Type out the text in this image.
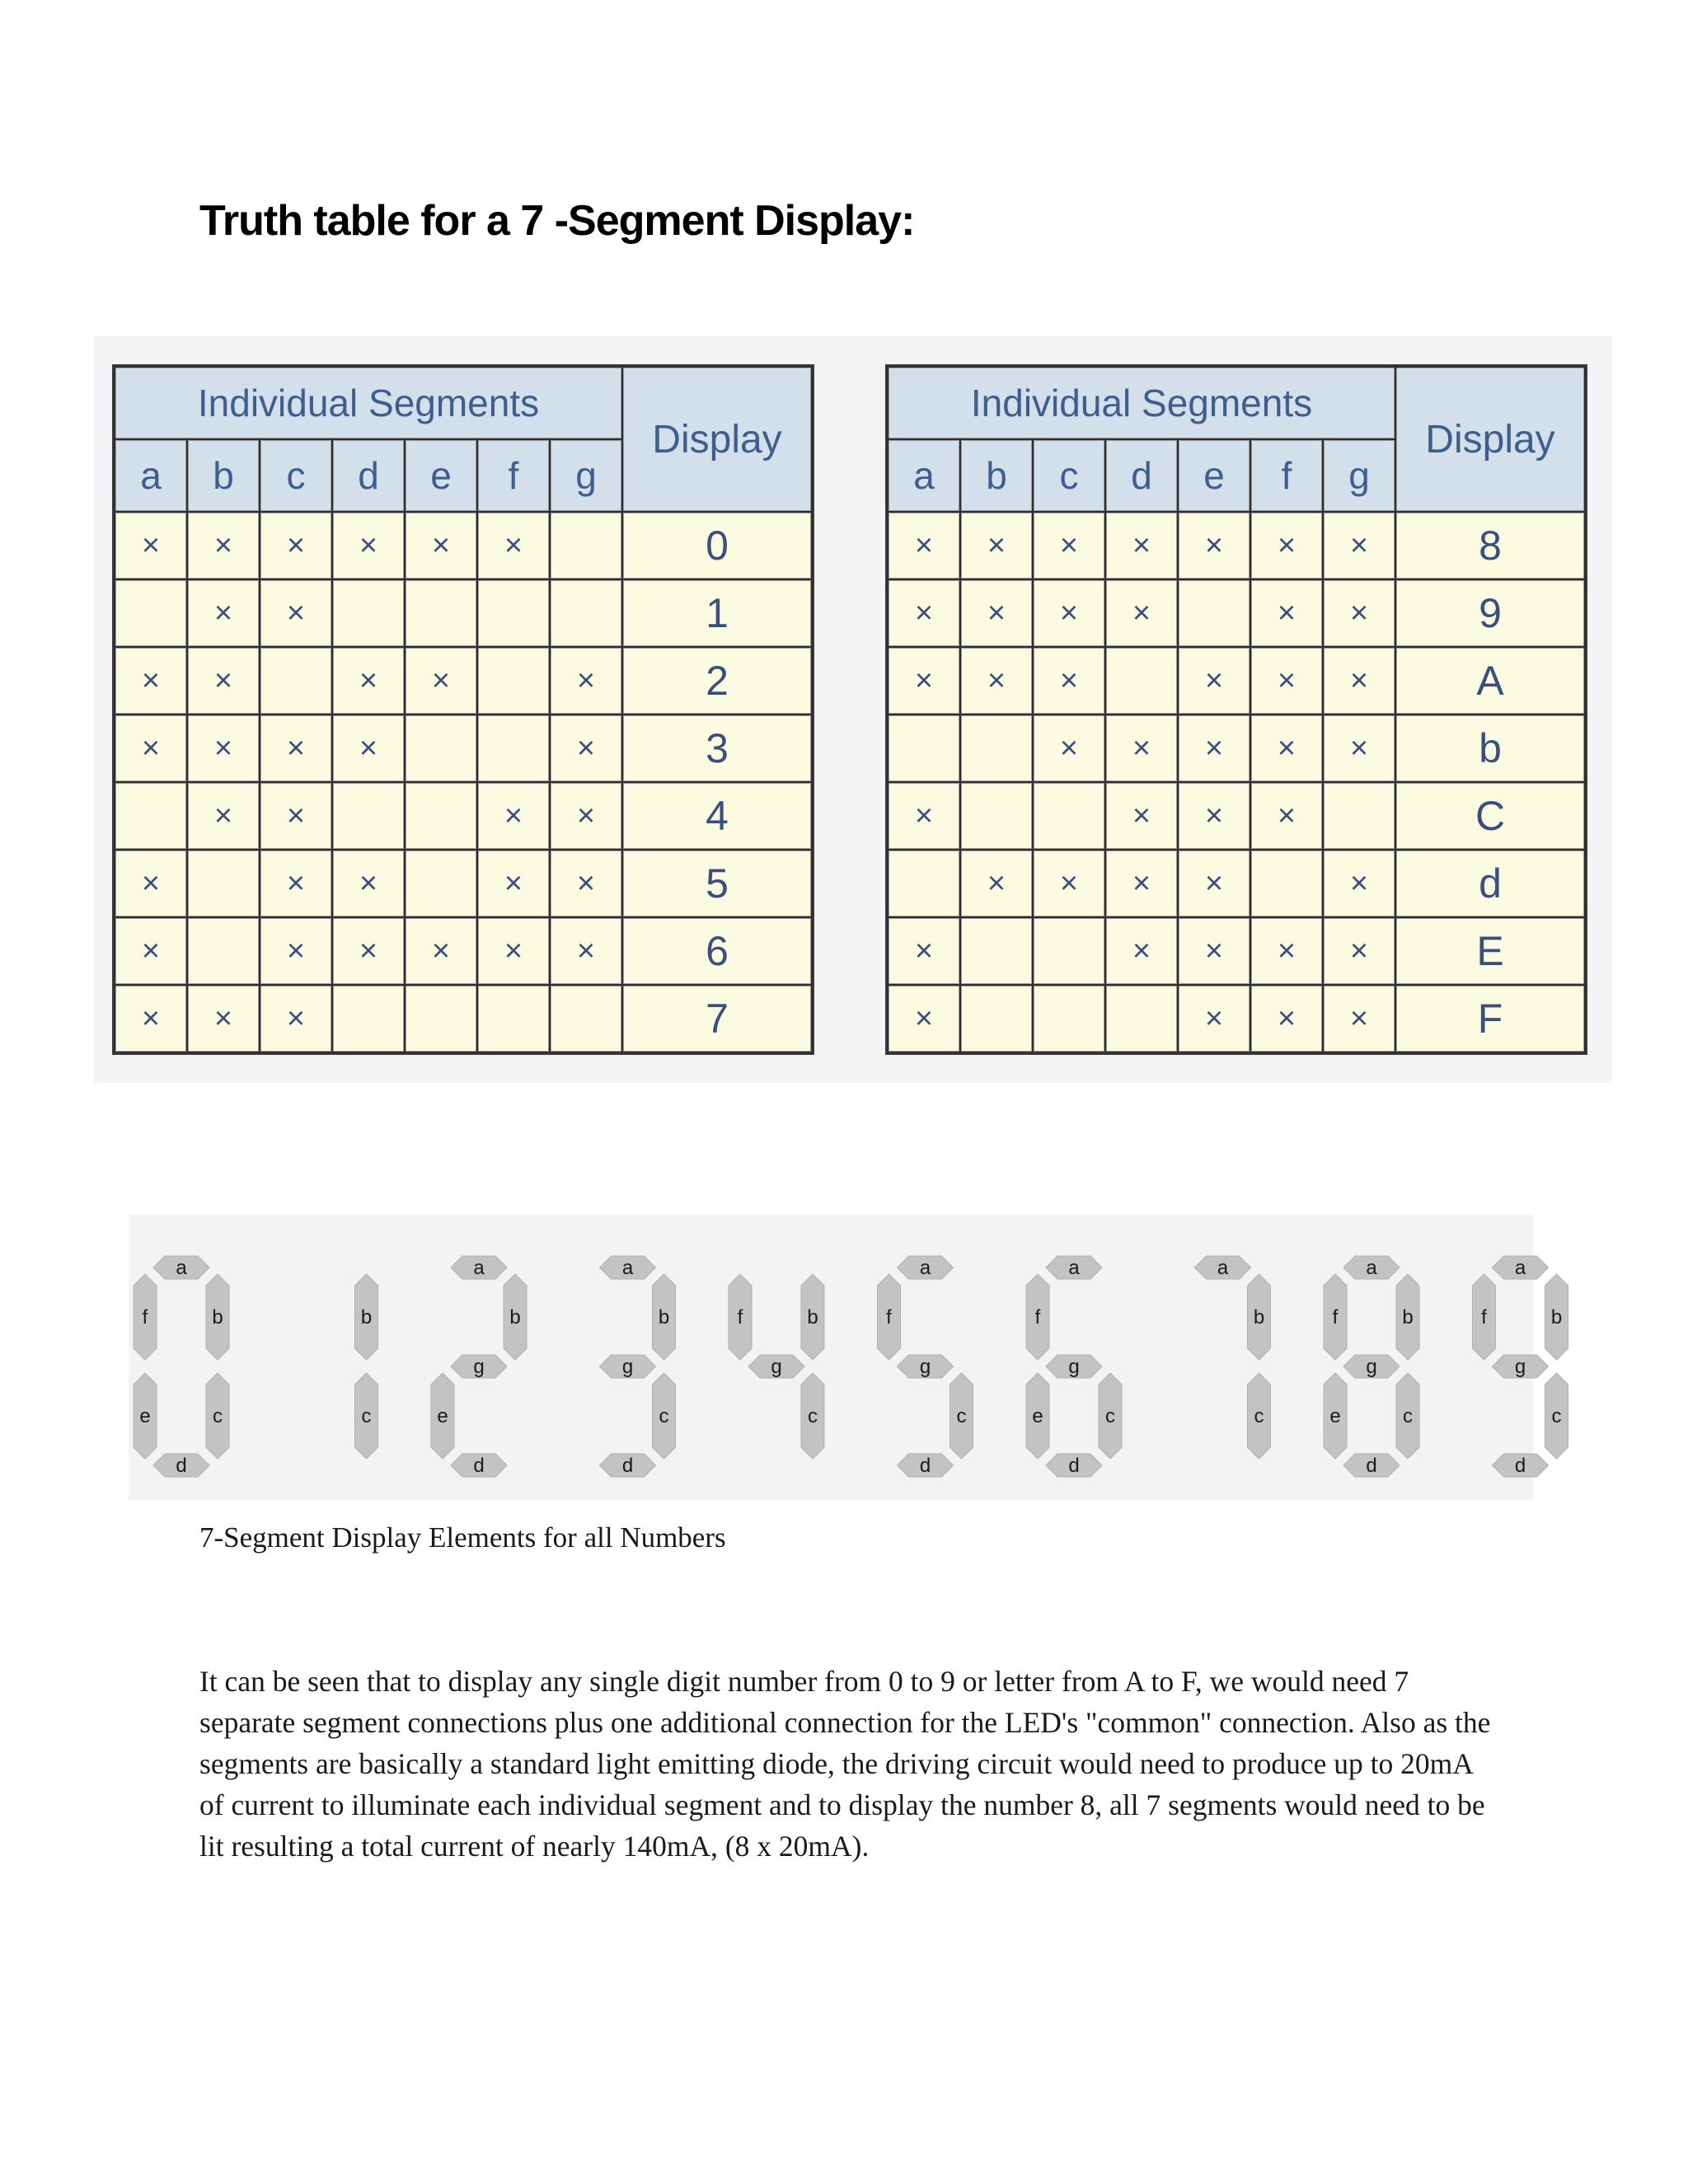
Truth table for a 7 -Segment Display:
Individual Segments							Display
a	b	c	d	e	f	g	
×	×	×	×	×	×		0
	×	×					1
×	×		×	×		×	2
×	×	×	×			×	3
	×	×			×	×	4
×		×	×		×	×	5
×		×	×	×	×	×	6
×	×	×					7
Individual Segments							Display
a	b	c	d	e	f	g	
×	×	×	×	×	×	×	8
×	×	×	×		×	×	9
×	×	×		×	×	×	A
		×	×	×	×	×	b
×			×	×	×		C
	×	×	×	×		×	d
×			×	×	×	×	E
×				×	×	×	F
a
b
c
d
e
f	b
c
a
b
g
e
d
a
b
g
c
d
f	b
g
c
a
f
g
c
d
a
f
g
e	c
d
a
b
c
a
b
c
d
e
f
g
a
b
c
d
f
g
7-Segment Display Elements for all Numbers

It can be seen that to display any single digit number from 0 to 9 or letter from A to F, we would need 7 separate segment connections plus one additional connection for the LED's "common" connection. Also as the segments are basically a standard light emitting diode, the driving circuit would need to produce up to 20mA of current to illuminate each individual segment and to display the number 8, all 7 segments would need to be lit resulting a total current of nearly 140mA, (8 x 20mA).
